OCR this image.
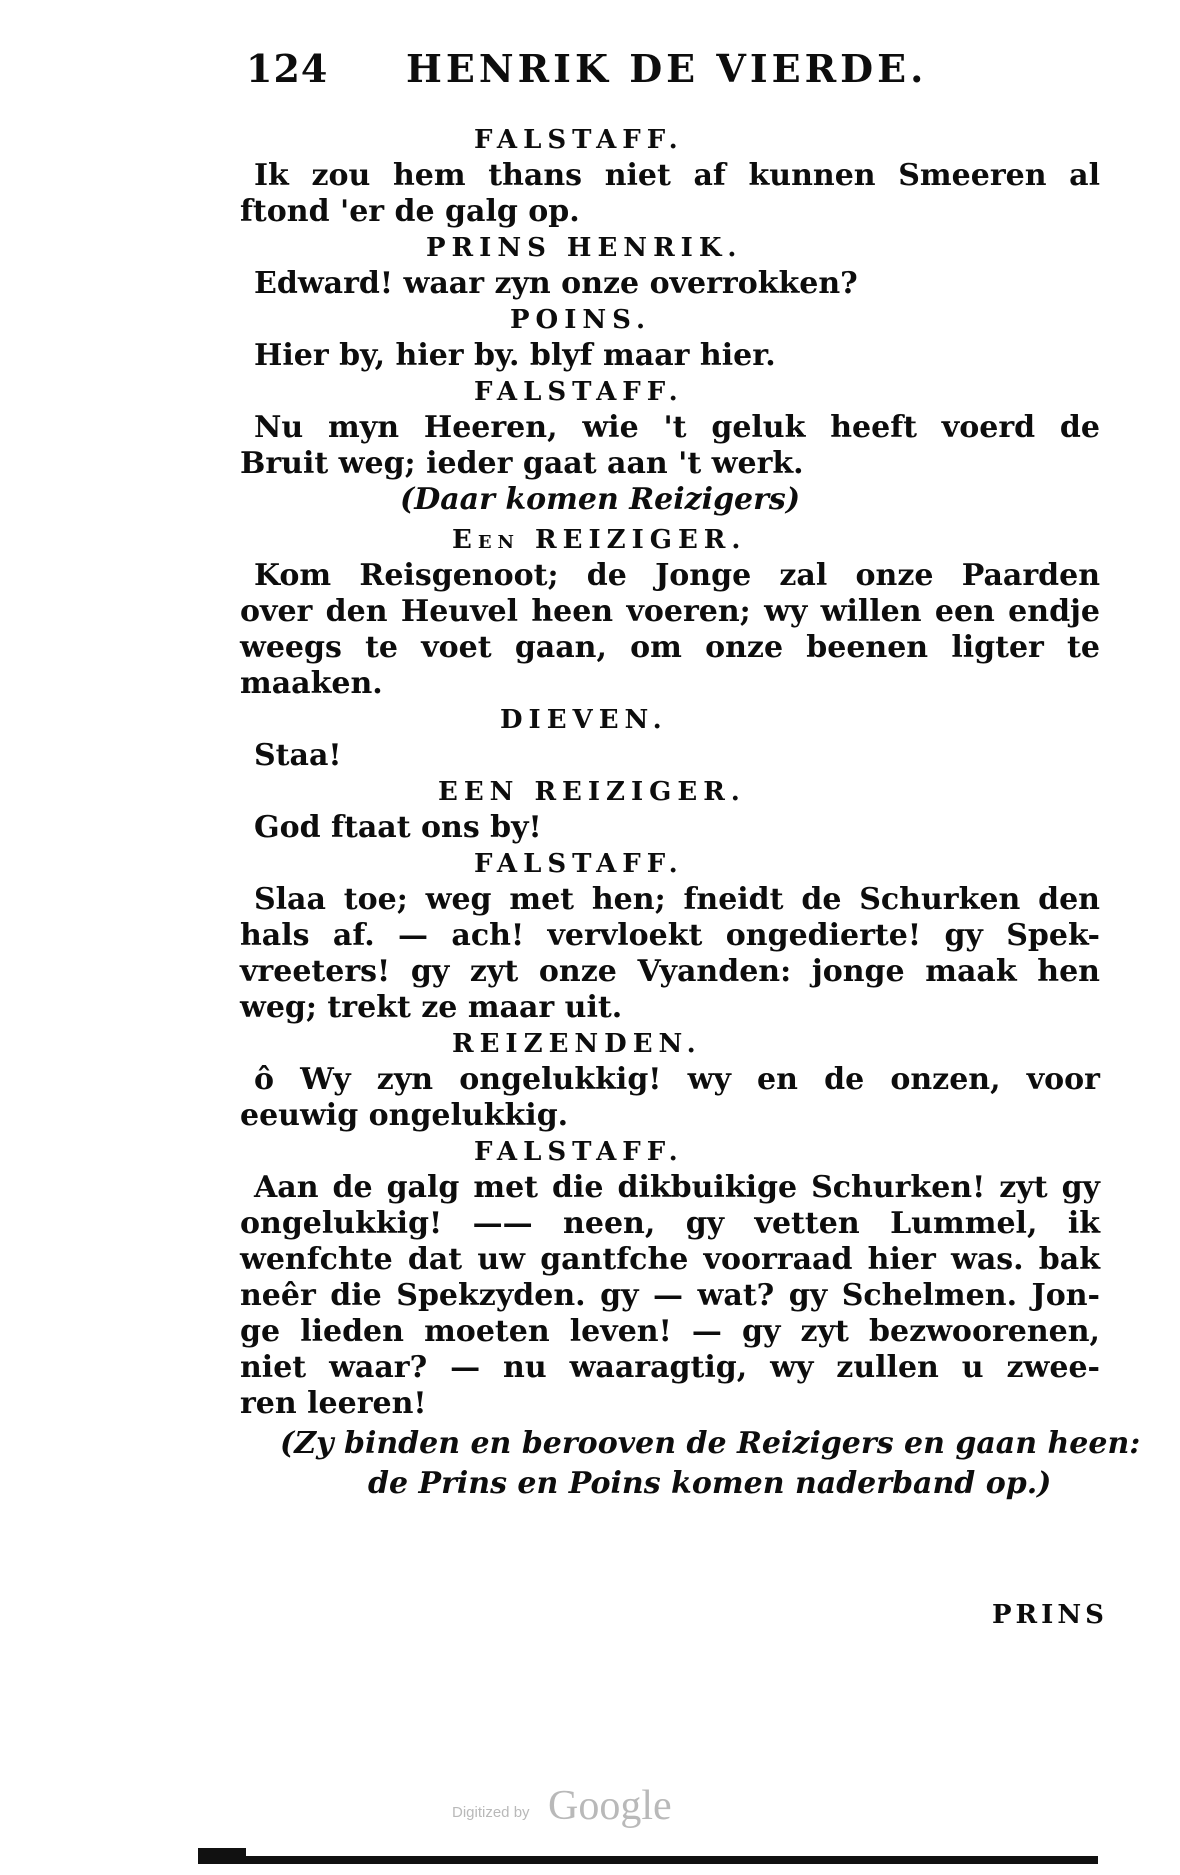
124 HENRIK DE VIERDE.
FALSTAFF.
Ik zou hem thans niet af kunnen Smeeren al
ftond 'er de galg op.
PRINS HENRIK.
Edward! waar zyn onze overrokken?
POINS.
Hier by, hier by. blyf maar hier.
FALSTAFF.
Nu myn Heeren, wie 't geluk heeft voerd de
Bruit weg; ieder gaat aan 't werk.
(Daar komen Reizigers)
Een REIZIGER.
Kom Reisgenoot; de Jonge zal onze Paarden
over den Heuvel heen voeren; wy willen een endje
weegs te voet gaan, om onze beenen ligter te
maaken.
DIEVEN.
Staa!
EEN REIZIGER.
God ftaat ons by!
FALSTAFF.
Slaa toe; weg met hen; fneidt de Schurken den
hals af. — ach! vervloekt ongedierte! gy Spek-
vreeters! gy zyt onze Vyanden: jonge maak hen
weg; trekt ze maar uit.
REIZENDEN.
ô Wy zyn ongelukkig! wy en de onzen, voor
eeuwig ongelukkig.
FALSTAFF.
Aan de galg met die dikbuikige Schurken! zyt gy
ongelukkig! —— neen, gy vetten Lummel, ik
wenfchte dat uw gantfche voorraad hier was. bak
neêr die Spekzyden. gy — wat? gy Schelmen. Jon-
ge lieden moeten leven! — gy zyt bezwoorenen,
niet waar? — nu waaragtig, wy zullen u zwee-
ren leeren!
(Zy binden en berooven de Reizigers en gaan heen:
de Prins en Poins komen naderband op.)
PRINS
Digitized by Google
